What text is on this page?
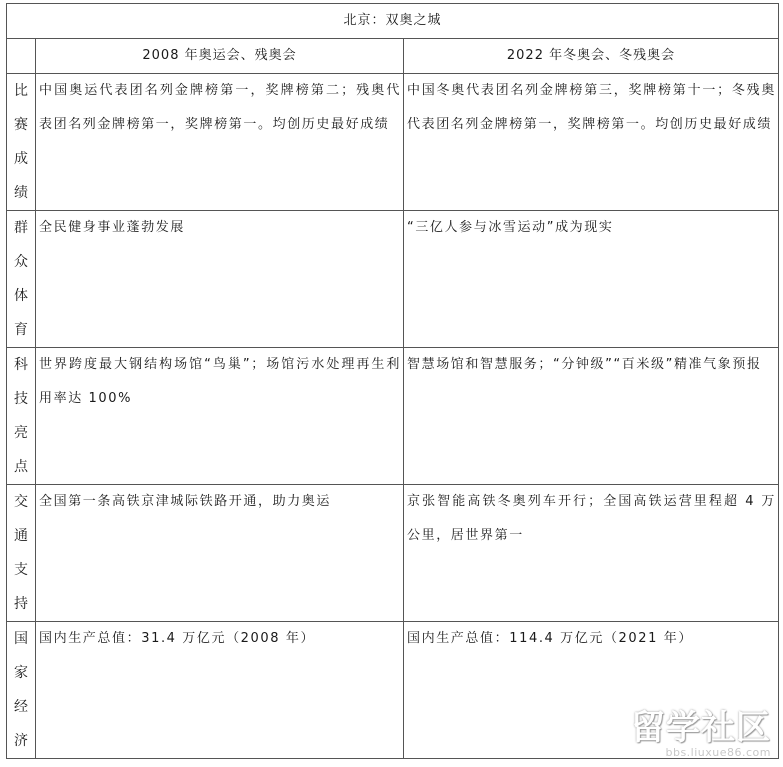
北京：双奥之城		
	2008 年奥运会、残奥会	2022 年冬奥会、冬残奥会

比
赛
成
绩	中国奥运代表团名列金牌榜第一，奖牌榜第二；残奥代表团名列金牌榜第一，奖牌榜第一。均创历史最好成绩	中国冬奥代表团名列金牌榜第三，奖牌榜第十一；冬残奥代表团名列金牌榜第一，奖牌榜第一。均创历史最好成绩

群
众
体
育	全民健身事业蓬勃发展	“三亿人参与冰雪运动”成为现实

科
技
亮
点	世界跨度最大钢结构场馆“鸟巢”；场馆污水处理再生利用率达 100%	智慧场馆和智慧服务；“分钟级”“百米级”精准气象预报

交
通
支
持	全国第一条高铁京津城际铁路开通，助力奥运	京张智能高铁冬奥列车开行；全国高铁运营里程超 4 万公里，居世界第一

国
家
经
济	国内生产总值：31.4 万亿元（2008 年）	国内生产总值：114.4 万亿元（2021 年）
留学社区
bbs.liuxue86.com
